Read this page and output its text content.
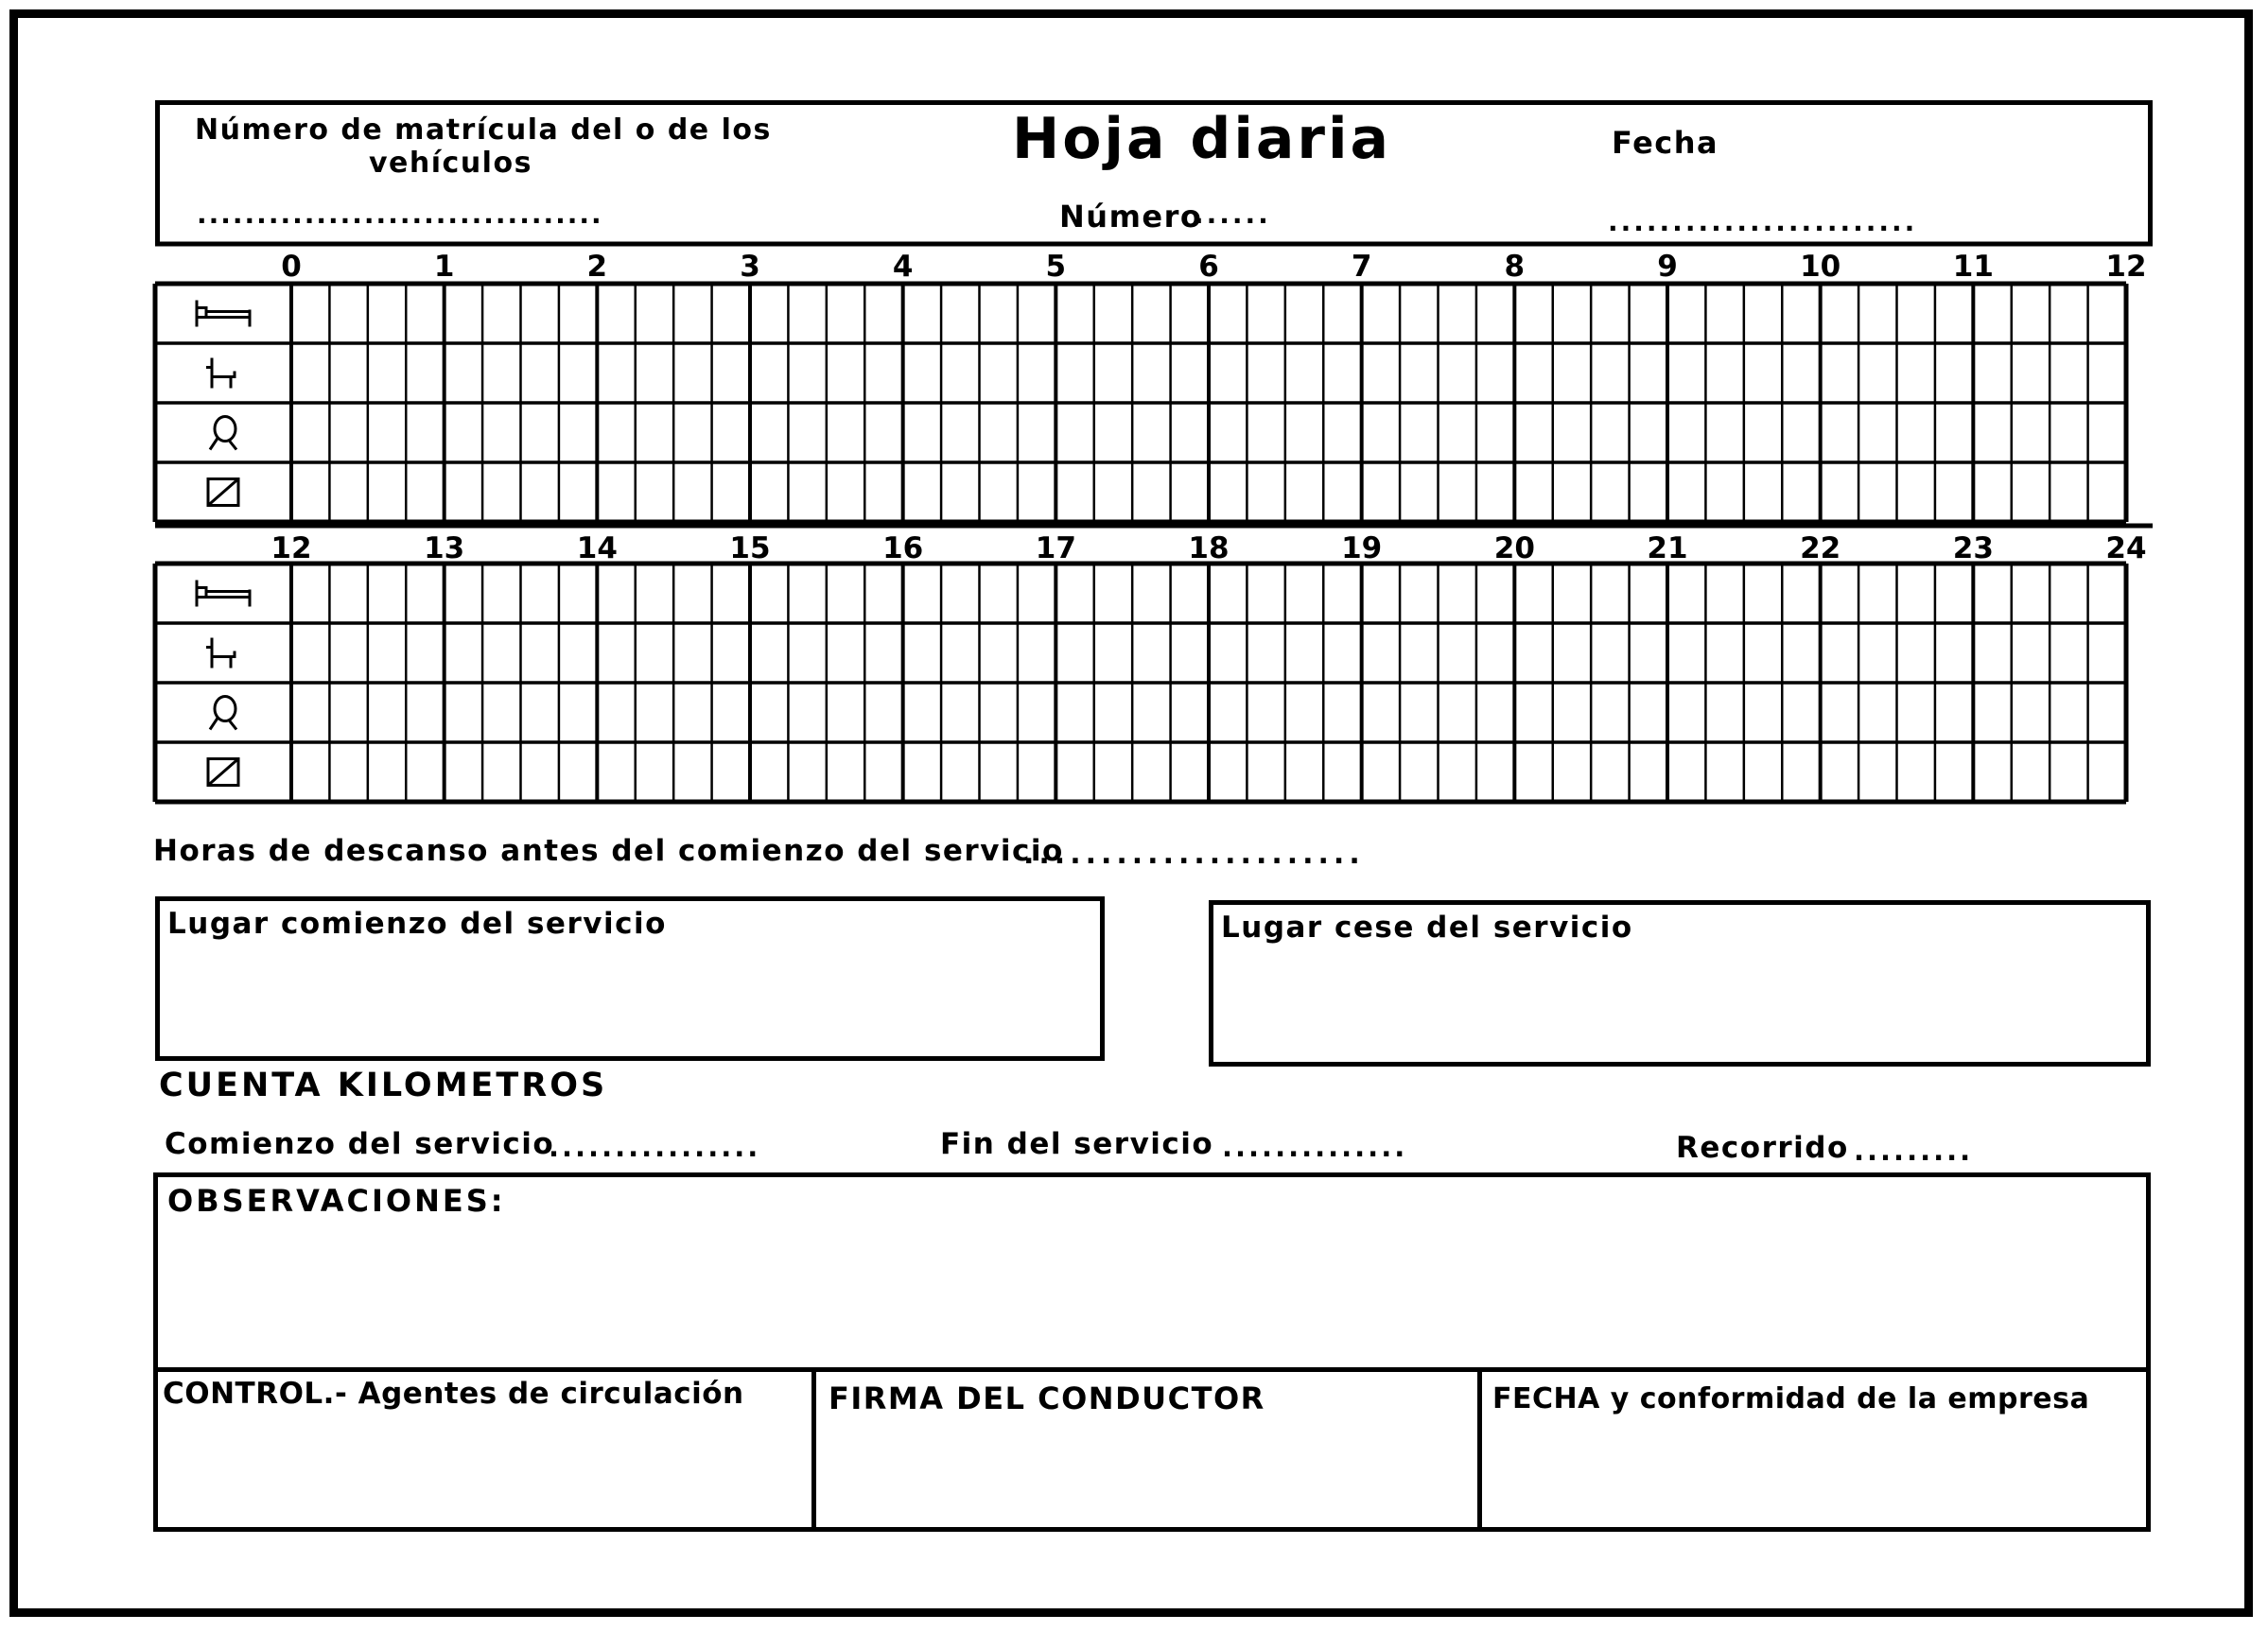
Número de matrícula del o de los
vehículos
..................................
Hoja diaria
Número
......
Fecha
........................
0	1	2	3	4	5	6	7	8	9	10	11	12
12	13	14	15	16	17	18	19	20	21	22	23	24
Horas de descanso antes del comienzo del servicio
......................
Lugar comienzo del servicio	Lugar cese del servicio
CUENTA KILOMETROS
Comienzo del servicio
................	Fin del servicio ..............	Recorrido .........
OBSERVACIONES:
CONTROL.- Agentes de circulación	FIRMA DEL CONDUCTOR	FECHA y conformidad de la empresa
